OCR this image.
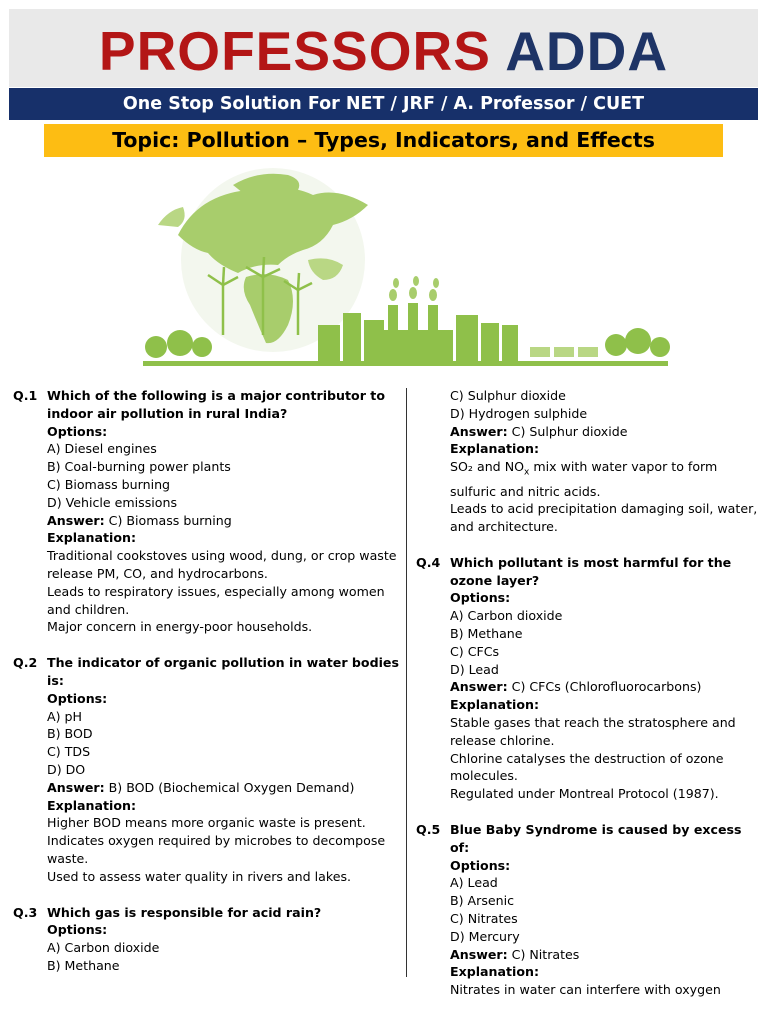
PROFESSORS ADDA
One Stop Solution For NET / JRF / A. Professor / CUET
Topic: Pollution – Types, Indicators, and Effects
Q.1 Which of the following is a major contributor to indoor air pollution in rural India?
Options:
A) Diesel engines
B) Coal-burning power plants
C) Biomass burning
D) Vehicle emissions
Answer: C) Biomass burning
Explanation:
Traditional cookstoves using wood, dung, or crop waste release PM, CO, and hydrocarbons.
Leads to respiratory issues, especially among women and children.
Major concern in energy-poor households.
Q.2 The indicator of organic pollution in water bodies is:
Options:
A) pH
B) BOD
C) TDS
D) DO
Answer: B) BOD (Biochemical Oxygen Demand)
Explanation:
Higher BOD means more organic waste is present.
Indicates oxygen required by microbes to decompose waste.
Used to assess water quality in rivers and lakes.
Q.3 Which gas is responsible for acid rain?
Options:
A) Carbon dioxide
B) Methane
C) Sulphur dioxide
D) Hydrogen sulphide
Answer: C) Sulphur dioxide
Explanation:
SO₂ and $NO_x$ mix with water vapor to form sulfuric and nitric acids.
Leads to acid precipitation damaging soil, water, and architecture.
Q.4 Which pollutant is most harmful for the ozone layer?
Options:
A) Carbon dioxide
B) Methane
C) CFCs
D) Lead
Answer: C) CFCs (Chlorofluorocarbons)
Explanation:
Stable gases that reach the stratosphere and release chlorine.
Chlorine catalyses the destruction of ozone molecules.
Regulated under Montreal Protocol (1987).
Q.5 Blue Baby Syndrome is caused by excess of:
Options:
A) Lead
B) Arsenic
C) Nitrates
D) Mercury
Answer: C) Nitrates
Explanation:
Nitrates in water can interfere with oxygen
